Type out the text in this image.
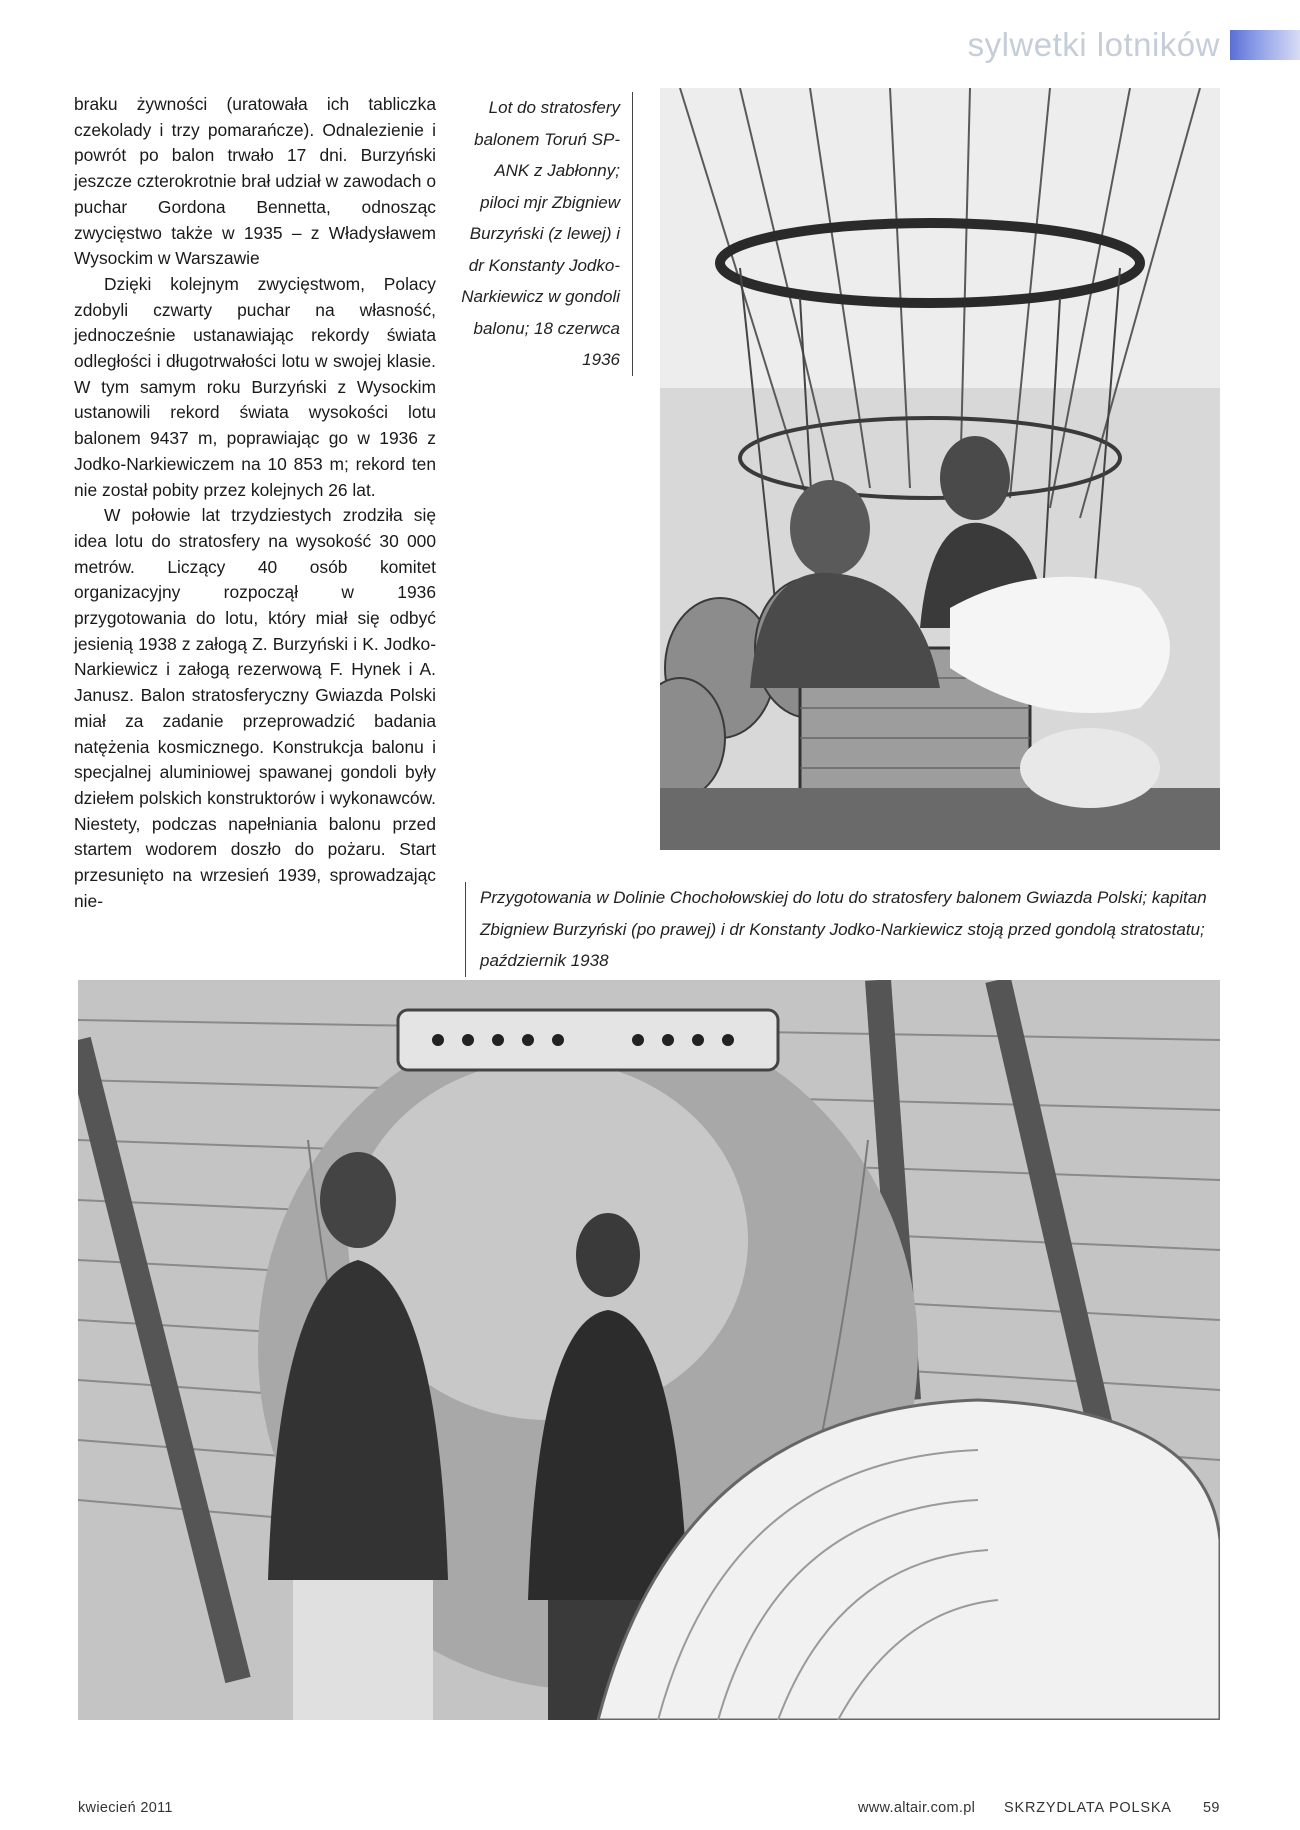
sylwetki lotników

braku żywności (uratowała ich tabliczka czekolady i trzy pomarańcze). Odnalezienie i powrót po balon trwało 17 dni. Burzyński jeszcze czterokrotnie brał udział w zawodach o puchar Gordona Bennetta, odnosząc zwycięstwo także w 1935 – z Władysławem Wysockim w Warszawie

Dzięki kolejnym zwycięstwom, Polacy zdobyli czwarty puchar na własność, jednocześnie ustanawiając rekordy świata odległości i długotrwałości lotu w swojej klasie. W tym samym roku Burzyński z Wysockim ustanowili rekord świata wysokości lotu balonem 9437 m, poprawiając go w 1936 z Jodko-Narkiewiczem na 10 853 m; rekord ten nie został pobity przez kolejnych 26 lat.

W połowie lat trzydziestych zrodziła się idea lotu do stratosfery na wysokość 30 000 metrów. Liczący 40 osób komitet organizacyjny rozpoczął w 1936 przygotowania do lotu, który miał się odbyć jesienią 1938 z załogą Z. Burzyński i K. Jodko-Narkiewicz i załogą rezerwową F. Hynek i A. Janusz. Balon stratosferyczny Gwiazda Polski miał za zadanie przeprowadzić badania natężenia kosmicznego. Konstrukcja balonu i specjalnej aluminiowej spawanej gondoli były dziełem polskich konstruktorów i wykonawców. Niestety, podczas napełniania balonu przed startem wodorem doszło do pożaru. Start przesunięto na wrzesień 1939, sprowadzając nie-

Lot do stratosfery balonem Toruń SP-ANK z Jabłonny; piloci mjr Zbigniew Burzyński (z lewej) i dr Konstanty Jodko-Narkiewicz w gondoli balonu; 18 czerwca 1936
Przygotowania w Dolinie Chochołowskiej do lotu do stratosfery balonem Gwiazda Polski; kapitan Zbigniew Burzyński (po prawej) i dr Konstanty Jodko-Narkiewicz stoją przed gondolą stratostatu; październik 1938
kwiecień 2011	www.altair.com.pl SKRZYDLATA POLSKA 59
